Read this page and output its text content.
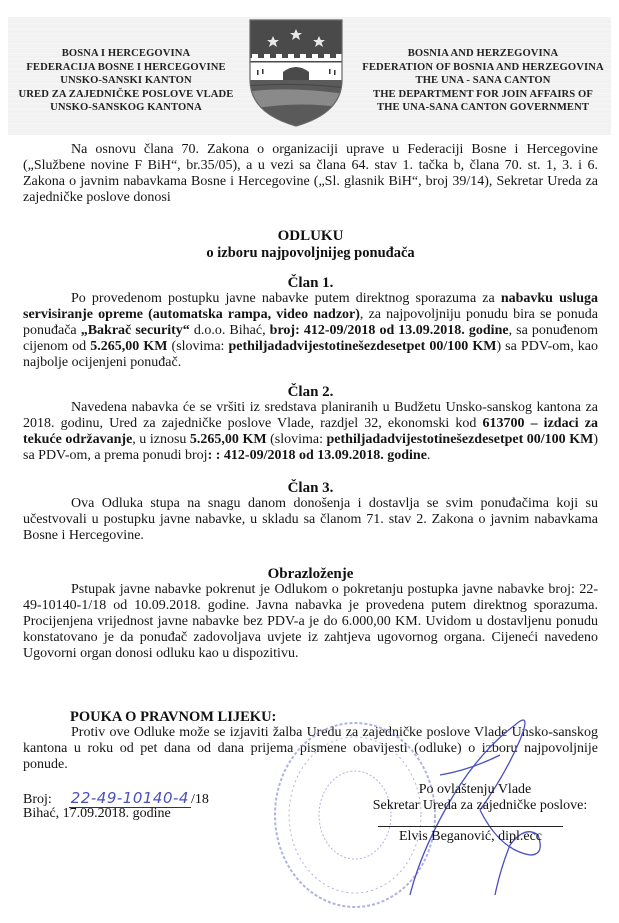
BOSNA I HERCEGOVINA
FEDERACIJA BOSNE I HERCEGOVINE
UNSKO-SANSKI KANTON
URED ZA ZAJEDNIČKE POSLOVE VLADE
UNSKO-SANSKOG KANTONA
BOSNIA AND HERZEGOVINA
FEDERATION OF BOSNIA AND HERZEGOVINA
THE UNA - SANA CANTON
THE DEPARTMENT FOR JOIN AFFAIRS OF
THE UNA-SANA CANTON GOVERNMENT

Na osnovu člana 70. Zakona o organizaciji uprave u Federaciji Bosne i Hercegovine („Službene novine F BiH“, br.35/05), a u vezi sa člana 64. stav 1. tačka b, člana 70. st. 1, 3. i 6. Zakona o javnim nabavkama Bosne i Hercegovine („Sl. glasnik BiH“, broj 39/14), Sekretar Ureda za zajedničke poslove donosi

ODLUKU
o izboru najpovoljnijeg ponuđača
Član 1.

Po provedenom postupku javne nabavke putem direktnog sporazuma za nabavku usluga servisiranje opreme (automatska rampa, video nadzor), za najpovoljniju ponudu bira se ponuda ponuđača „Bakrač security“ d.o.o. Bihać, broj: 412-09/2018 od 13.09.2018. godine, sa ponuđenom cijenom od 5.265,00 KM (slovima: pethiljadadvijestotinešezdesetpet 00/100 KM) sa PDV-om, kao najbolje ocijenjeni ponuđač.

Član 2.

Navedena nabavka će se vršiti iz sredstava planiranih u Budžetu Unsko-sanskog kantona za 2018. godinu, Ured za zajedničke poslove Vlade, razdjel 32, ekonomski kod 613700 – izdaci za tekuće održavanje, u iznosu 5.265,00 KM (slovima: pethiljadadvijestotinešezdesetpet 00/100 KM) sa PDV-om, a prema ponudi broj: : 412-09/2018 od 13.09.2018. godine.

Član 3.

Ova Odluka stupa na snagu danom donošenja i dostavlja se svim ponuđačima koji su učestvovali u postupku javne nabavke, u skladu sa članom 71. stav 2. Zakona o javnim nabavkama Bosne i Hercegovine.

Obrazloženje

Pstupak javne nabavke pokrenut je Odlukom o pokretanju postupka javne nabavke broj: 22-49-10140-1/18 od 10.09.2018. godine. Javna nabavka je provedena putem direktnog sporazuma. Procijenjena vrijednost javne nabavke bez PDV-a je do 6.000,00 KM. Uvidom u dostavljenu ponudu konstatovano je da ponuđač zadovoljava uvjete iz zahtjeva ugovornog organa. Cijeneći navedeno Ugovorni organ donosi odluku kao u dispozitivu.

POUKA O PRAVNOM LIJEKU:

Protiv ove Odluke može se izjaviti žalba Uredu za zajedničke poslove Vlade Unsko-sanskog kantona u roku od pet dana od dana prijema pismene obavijesti (odluke) o izboru najpovoljnije ponude.

Broj: 22-49-10140-4 /18
Bihać, 17.09.2018. godine
Po ovlaštenju Vlade
Sekretar Ureda za zajedničke poslove:
Elvis Beganović, dipl.ecc
